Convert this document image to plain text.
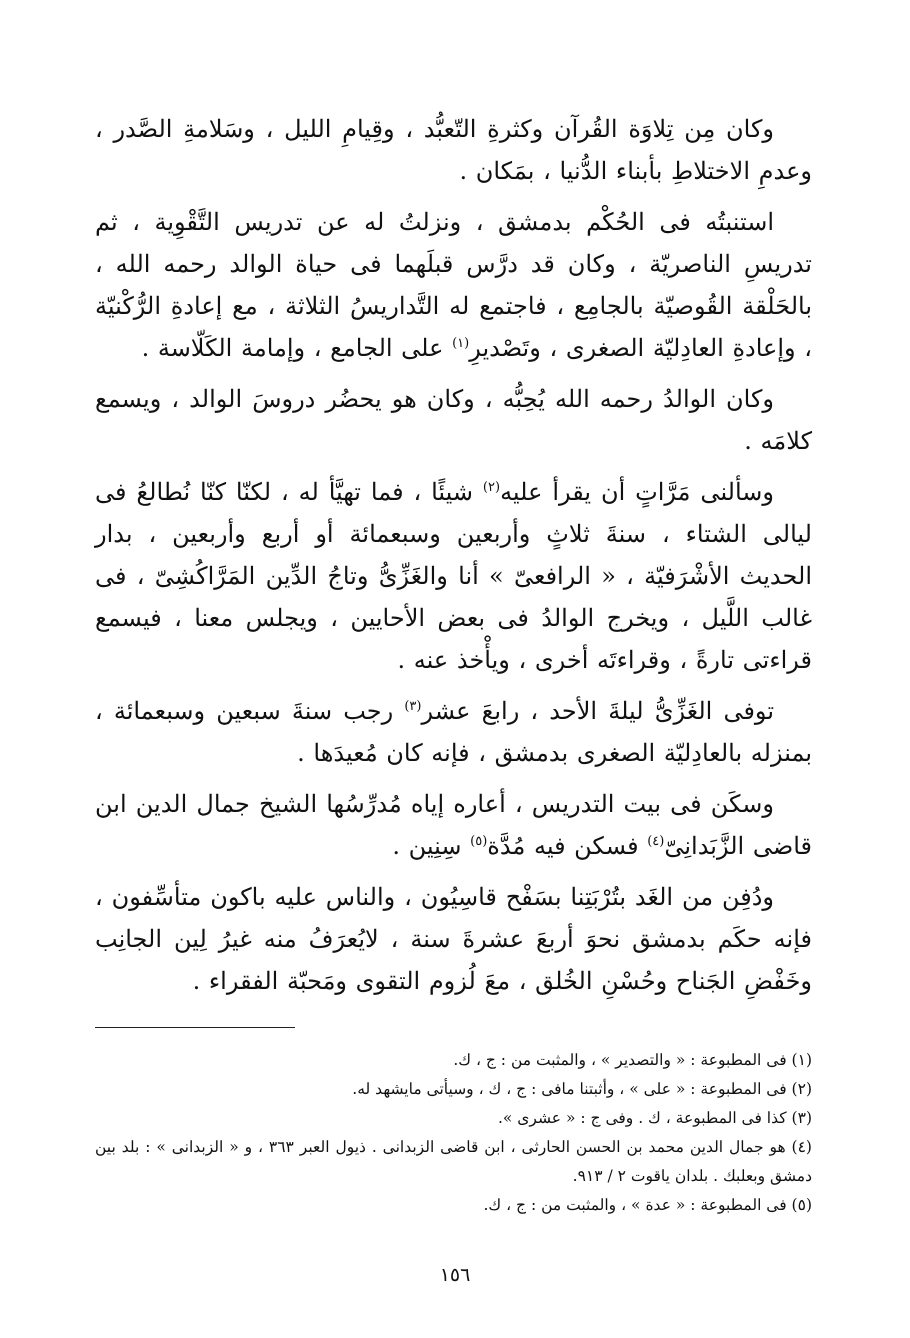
وكان مِن تِلاوَة القُرآن وكثرةِ التّعبُّد ، وقِيامِ الليل ، وسَلامةِ الصَّدر ، وعدمِ الاختلاطِ بأبناء الدُّنيا ، بمَكان .

استنبتُه فى الحُكْم بدمشق ، ونزلتُ له عن تدريس التَّقْوِية ، ثم تدريسِ الناصريّة ، وكان قد درَّس قبلَهما فى حياة الوالد رحمه الله ، بالحَلْقة القُوصيّة بالجامِع ، فاجتمع له التَّداريسُ الثلاثة ، مع إعادةِ الرُّكْنيّة ، وإعادةِ العادِليّة الصغرى ، وتَصْديرِ$^{(١)}$ على الجامع ، وإمامة الكَلّاسة .

وكان الوالدُ رحمه الله يُحِبُّه ، وكان هو يحضُر دروسَ الوالد ، ويسمع كلامَه .

وسألنى مَرَّاتٍ أن يقرأ عليه$^{(٢)}$ شيئًا ، فما تهيَّأ له ، لكنّا كنّا نُطالعُ فى ليالى الشتاء ، سنةَ ثلاثٍ وأربعين وسبعمائة أو أربع وأربعين ، بدار الحديث الأشْرَفيّة ، « الرافعىّ » أنا والغَزِّىُّ وتاجُ الدِّين المَرَّاكُشِىّ ، فى غالب اللَّيل ، ويخرج الوالدُ فى بعض الأحايين ، ويجلس معنا ، فيسمع قراءتى تارةً ، وقراءتَه أخرى ، ويأْخذ عنه .

توفى الغَزِّىُّ ليلةَ الأحد ، رابعَ عشر$^{(٣)}$ رجب سنةَ سبعين وسبعمائة ، بمنزله بالعادِليّة الصغرى بدمشق ، فإنه كان مُعيدَها .

وسكَن فى بيت التدريس ، أعاره إياه مُدرِّسُها الشيخ جمال الدين ابن قاضى الزَّبَدانِىّ$^{(٤)}$ فسكن فيه مُدَّة$^{(٥)}$ سِنِين .

ودُفِن من الغَد بتُرْبَتِنا بسَفْح قاسِيُون ، والناس عليه باكون متأسِّفون ، فإنه حكَم بدمشق نحوَ أربعَ عشرةَ سنة ، لايُعرَفُ منه غيرُ لِين الجانِب وخَفْضِ الجَناح وحُسْنِ الخُلق ، معَ لُزوم التقوى ومَحبّة الفقراء .

(١) فى المطبوعة : « والتصدير » ، والمثبت من : ج ، ك.

(٢) فى المطبوعة : « على » ، وأثبتنا مافى : ج ، ك ، وسيأتى مايشهد له.

(٣) كذا فى المطبوعة ، ك . وفى ج : « عشرى ».

(٤) هو جمال الدين محمد بن الحسن الحارثى ، ابن قاضى الزبدانى . ذيول العبر ٣٦٣ ، و « الزبدانى » : بلد بين دمشق وبعلبك . بلدان ياقوت ٢ / ٩١٣.

(٥) فى المطبوعة : « عدة » ، والمثبت من : ج ، ك.

١٥٦
